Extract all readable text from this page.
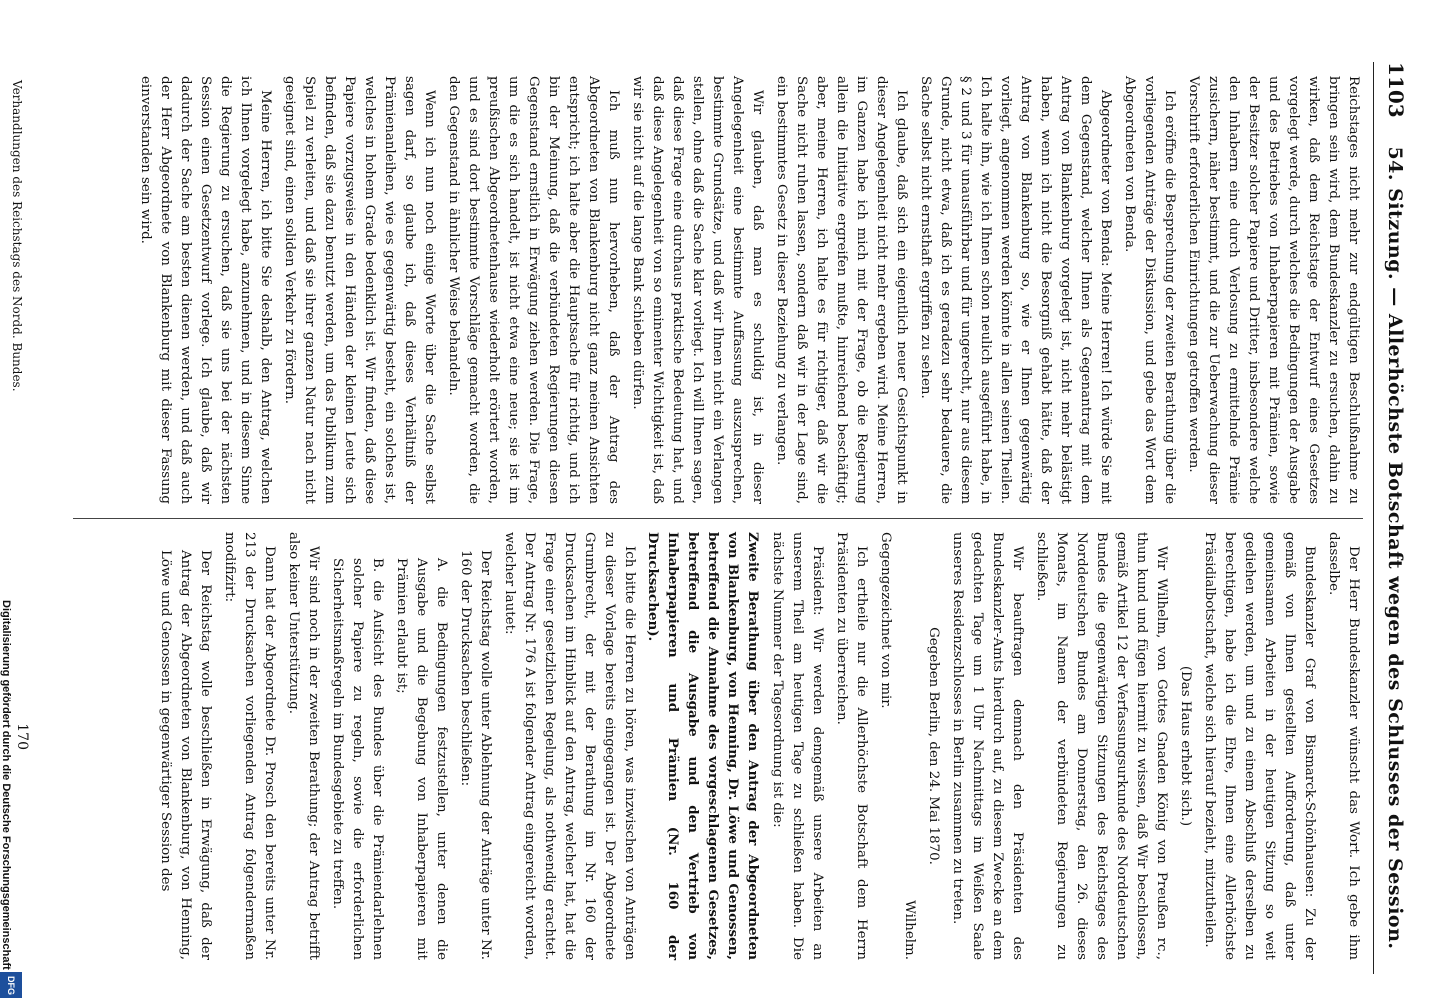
1103
54. Sitzung. — Allerhöchste Botschaft wegen des Schlusses der Session.

Reichstages nicht mehr zur endgültigen Beschlußnahme zu bringen sein wird, dem Bundeskanzler zu ersuchen, dahin zu wirken, daß dem Reichstage der Entwurf eines Gesetzes vorgelegt werde, durch welches die Bedingungen der Ausgabe und des Betriebes von Inhaberpapieren mit Prämien, sowie der Besitzer solcher Papiere und Dritter, insbesondere welche den Inhabern eine durch Verlosung zu ermittelnde Prämie zusichern, näher bestimmt, und die zur Ueberwachung dieser Vorschrift erforderlichen Einrichtungen getroffen werden.

Ich eröffne die Besprechung der zweiten Berathung über die vorliegenden Anträge der Diskussion, und gebe das Wort dem Abgeordneten von Benda.

Abgeordneter von Benda: Meine Herren! Ich würde Sie mit dem Gegenstand, welcher Ihnen als Gegenantrag mit dem Antrag von Blankenburg vorgelegt ist, nicht mehr belästigt haben, wenn ich nicht die Besorgniß gehabt hätte, daß der Antrag von Blankenburg so, wie er Ihnen gegenwärtig vorliegt, angenommen werden könnte in allen seinen Theilen. Ich halte ihn, wie ich Ihnen schon neulich ausgeführt habe, in § 2 und 3 für unausführbar und für ungerecht, nur aus diesem Grunde, nicht etwa, daß ich es geradezu sehr bedauere, die Sache selbst nicht ernsthaft ergriffen zu sehen.

Ich glaube, daß sich ein eigentlich neuer Gesichtspunkt in dieser Angelegenheit nicht mehr ergeben wird. Meine Herren, im Ganzen habe ich mich mit der Frage, ob die Regierung allein die Initiative ergreifen mußte, hinreichend beschäftigt; aber, meine Herren, ich halte es für richtiger, daß wir die Sache nicht ruhen lassen, sondern daß wir in der Lage sind, ein bestimmtes Gesetz in dieser Beziehung zu verlangen.

Wir glauben, daß man es schuldig ist, in dieser Angelegenheit eine bestimmte Auffassung auszusprechen, bestimmte Grundsätze, und daß wir Ihnen nicht ein Verlangen stellen, ohne daß die Sache klar vorliegt. Ich will Ihnen sagen, daß diese Frage eine durchaus praktische Bedeutung hat, und daß diese Angelegenheit von so eminenter Wichtigkeit ist, daß wir sie nicht auf die lange Bank schieben dürfen.

Ich muß nun hervorheben, daß der Antrag des Abgeordneten von Blankenburg nicht ganz meinen Ansichten entspricht; ich halte aber die Hauptsache für richtig, und ich bin der Meinung, daß die verbündeten Regierungen diesen Gegenstand ernstlich in Erwägung ziehen werden. Die Frage, um die es sich handelt, ist nicht etwa eine neue; sie ist im preußischen Abgeordnetenhause wiederholt erörtert worden, und es sind dort bestimmte Vorschläge gemacht worden, die den Gegenstand in ähnlicher Weise behandeln.

Wenn ich nun noch einige Worte über die Sache selbst sagen darf, so glaube ich, daß dieses Verhältniß der Prämienanleihen, wie es gegenwärtig besteht, ein solches ist, welches in hohem Grade bedenklich ist. Wir finden, daß diese Papiere vorzugsweise in den Händen der kleinen Leute sich befinden, daß sie dazu benutzt werden, um das Publikum zum Spiel zu verleiten, und daß sie ihrer ganzen Natur nach nicht geeignet sind, einen soliden Verkehr zu fördern.

Meine Herren, ich bitte Sie deshalb, den Antrag, welchen ich Ihnen vorgelegt habe, anzunehmen, und in diesem Sinne die Regierung zu ersuchen, daß sie uns bei der nächsten Session einen Gesetzentwurf vorlege. Ich glaube, daß wir dadurch der Sache am besten dienen werden, und daß auch der Herr Abgeordnete von Blankenburg mit dieser Fassung einverstanden sein wird.

Der Herr Bundeskanzler wünscht das Wort. Ich gebe ihm dasselbe.

Bundeskanzler Graf von Bismarck-Schönhausen: Zu der gemäß von Ihnen gestellten Aufforderung, daß unter gemeinsamen Arbeiten in der heutigen Sitzung so weit gediehen werden, um und zu einem Abschluß derselben zu berechtigen, habe ich die Ehre, Ihnen eine Allerhöchste Präsidialbotschaft, welche sich hierauf bezieht, mitzutheilen.

(Das Haus erhebt sich.)

Wir Wilhelm, von Gottes Gnaden König von Preußen rc., thun kund und fügen hiermit zu wissen, daß Wir beschlossen, gemäß Artikel 12 der Verfassungsurkunde des Norddeutschen Bundes die gegenwärtigen Sitzungen des Reichstages des Norddeutschen Bundes am Donnerstag, den 26. dieses Monats, im Namen der verbündeten Regierungen zu schließen.

Wir beauftragen demnach den Präsidenten des Bundeskanzler-Amts hierdurch auf, zu diesem Zwecke an dem gedachten Tage um 1 Uhr Nachmittags im Weißen Saale unseres Residenzschlosses in Berlin zusammen zu treten.

Gegeben Berlin, den 24. Mai 1870.

Wilhelm.

Gegengezeichnet von mir.

Ich ertheile nur die Allerhöchste Botschaft dem Herrn Präsidenten zu überreichen.

Präsident: Wir werden demgemäß unsere Arbeiten an unserem Theil am heutigen Tage zu schließen haben. Die nächste Nummer der Tagesordnung ist die:

Zweite Berathung über den Antrag der Abgeordneten von Blankenburg, von Henning, Dr. Löwe und Genossen, betreffend die Annahme des vorgeschlagenen Gesetzes, betreffend die Ausgabe und den Vertrieb von Inhaberpapieren und Prämien (Nr. 160 der Drucksachen).

Ich bitte die Herren zu hören, was inzwischen von Anträgen zu dieser Vorlage bereits eingegangen ist. Der Abgeordnete Grumbrecht, der mit der Berathung im Nr. 160 der Drucksachen im Hinblick auf den Antrag, welcher hat, hat die Frage einer gesetzlichen Regelung, als nothwendig erachtet. Der Antrag Nr. 176 A ist folgender Antrag eingereicht worden, welcher lautet:

Der Reichstag wolle unter Ablehnung der Anträge unter Nr. 160 der Drucksachen beschließen:

A. die Bedingungen festzustellen, unter denen die Ausgabe und die Begebung von Inhaberpapieren mit Prämien erlaubt ist;

B. die Aufsicht des Bundes über die Prämiendarlehnen solcher Papiere zu regeln, sowie die erforderlichen Sicherheitsmaßregeln im Bundesgebiete zu treffen.

Wir sind noch in der zweiten Berathung; der Antrag betrifft also keiner Unterstützung.

Dann hat der Abgeordnete Dr. Prosch den bereits unter Nr. 213 der Drucksachen vorliegenden Antrag folgendermaßen modifizirt:

Der Reichstag wolle beschließen in Erwägung, daß der Antrag der Abgeordneten von Blankenburg, von Henning, Löwe und Genossen in gegenwärtiger Session des

170
Verhandlungen des Reichstags des Nordd. Bundes.
Digitalisierung gefördert durch die Deutsche Forschungsgemeinschaft
DFG
